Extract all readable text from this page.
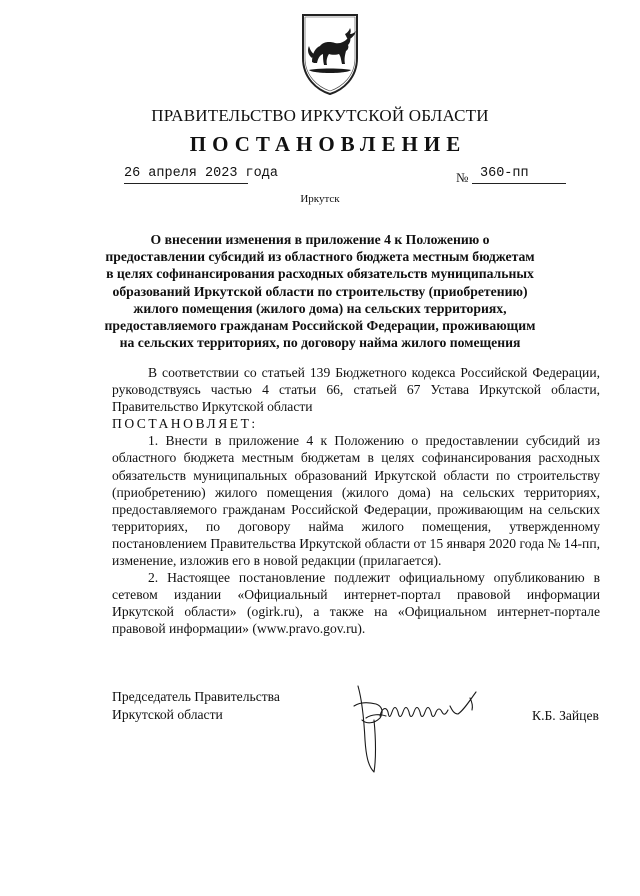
ПРАВИТЕЛЬСТВО ИРКУТСКОЙ ОБЛАСТИ
ПОСТАНОВЛЕНИЕ
26 апреля 2023 года	№ 360-пп
Иркутск
О внесении изменения в приложение 4 к Положению о предоставлении субсидий из областного бюджета местным бюджетам в целях софинансирования расходных обязательств муниципальных образований Иркутской области по строительству (приобретению) жилого помещения (жилого дома) на сельских территориях, предоставляемого гражданам Российской Федерации, проживающим на сельских территориях, по договору найма жилого помещения

В соответствии со статьей 139 Бюджетного кодекса Российской Федерации, руководствуясь частью 4 статьи 66, статьей 67 Устава Иркутской области, Правительство Иркутской области

ПОСТАНОВЛЯЕТ:

1. Внести в приложение 4 к Положению о предоставлении субсидий из областного бюджета местным бюджетам в целях софинансирования расходных обязательств муниципальных образований Иркутской области по строительству (приобретению) жилого помещения (жилого дома) на сельских территориях, предоставляемого гражданам Российской Федерации, проживающим на сельских территориях, по договору найма жилого помещения, утвержденному постановлением Правительства Иркутской области от 15 января 2020 года № 14-пп, изменение, изложив его в новой редакции (прилагается).

2. Настоящее постановление подлежит официальному опубликованию в сетевом издании «Официальный интернет-портал правовой информации Иркутской области» (ogirk.ru), а также на «Официальном интернет-портале правовой информации» (www.pravo.gov.ru).

Председатель Правительства
Иркутской области	К.Б. Зайцев
